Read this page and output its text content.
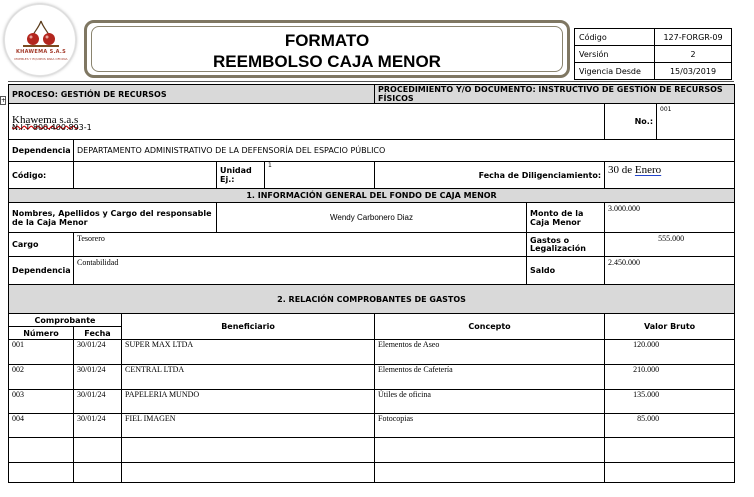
KHAWEMA S.A.S
MUEBLES Y EQUIPOS PARA OFICINA
FORMATO
REEMBOLSO CAJA MENOR
Código	127-FORGR-09
Versión	2
Vigencia Desde	15/03/2019
+
PROCESO: GESTIÓN DE RECURSOS					PROCEDIMIENTO Y/O DOCUMENTO: INSTRUCTIVO DE GESTIÓN DE RECURSOS FÍSICOS			
Khawema s.a.s
N.I.T 800.400.893-1							No.:	$^{001}$
Dependencia	DEPARTAMENTO ADMINISTRATIVO DE LA DEFENSORÍA DEL ESPACIO PÚBLICO							
Código:			Unidad Ej.:	$^1$	Fecha de Diligenciamiento:		30 de Enero	
1. INFORMACIÓN GENERAL DEL FONDO DE CAJA MENOR								
Nombres, Apellidos y Cargo del responsable de la Caja Menor			Wendy Carbonero Diaz			Monto de la Caja Menor	3.000.000	
Cargo	Tesorero					Gastos o Legalización	555.000	
Dependencia	Contabilidad					Saldo	2.450.000	
2. RELACIÓN COMPROBANTES DE GASTOS								
Comprobante		Beneficiario			Concepto		Valor Bruto	
Número	Fecha							
001	30/01/24	SUPER MAX LTDA			Elementos de Aseo		120.000	
002	30/01/24	CENTRAL LTDA			Elementos de Cafetería		210.000	
003	30/01/24	PAPELERIA MUNDO			Útiles de oficina		135.000	
004	30/01/24	FIEL IMAGEN			Fotocopias		85.000	
